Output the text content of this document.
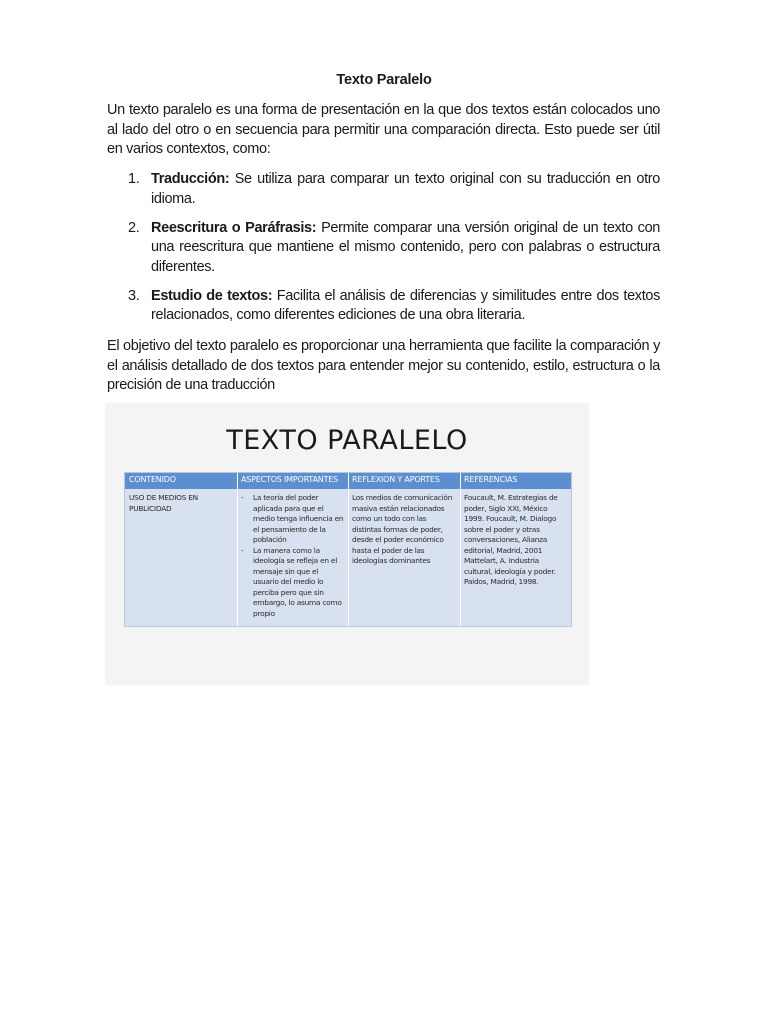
Texto Paralelo
Un texto paralelo es una forma de presentación en la que dos textos están colocados uno al lado del otro o en secuencia para permitir una comparación directa. Esto puede ser útil en varios contextos, como:
1. Traducción: Se utiliza para comparar un texto original con su traducción en otro idioma.
2. Reescritura o Paráfrasis: Permite comparar una versión original de un texto con una reescritura que mantiene el mismo contenido, pero con palabras o estructura diferentes.
3. Estudio de textos: Facilita el análisis de diferencias y similitudes entre dos textos relacionados, como diferentes ediciones de una obra literaria.
El objetivo del texto paralelo es proporcionar una herramienta que facilite la comparación y el análisis detallado de dos textos para entender mejor su contenido, estilo, estructura o la precisión de una traducción
TEXTO PARALELO
CONTENIDO	ASPECTOS IMPORTANTES REFLEXION Y APORTES	REFERENCIAS
USO DE MEDIOS EN PUBLICIDAD
- La teoría del poder aplicada para que el medio tenga influencia en el pensamiento de la población
- La manera como la ideología se refleja en el mensaje sin que el usuario del medio lo perciba pero que sin embargo, lo asuma como propio
Los medios de comunicación masiva están relacionados como un todo con las distintas formas de poder, desde el poder económico hasta el poder de las ideologías dominantes
Foucault, M. Estrategias de poder, Siglo XXI, México 1999. Foucault, M. Dialogo sobre el poder y otras conversaciones, Alianza editorial, Madrid, 2001 Mattelart, A. Industria cultural, ideología y poder. Paidos, Madrid, 1998.
